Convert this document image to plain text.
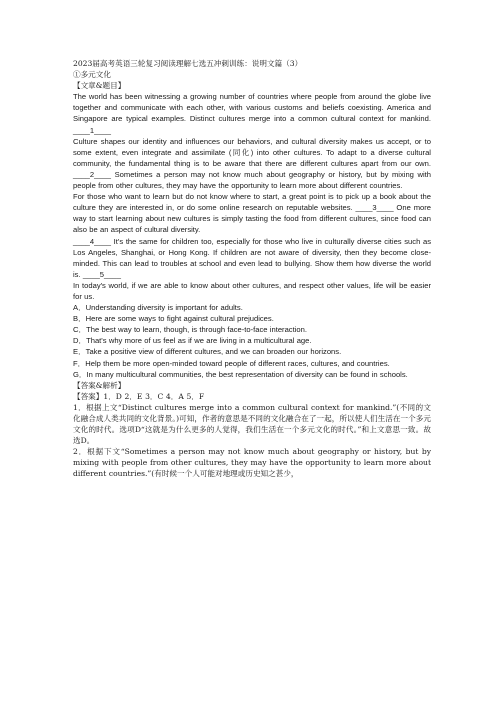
2023届高考英语三轮复习阅读理解七选五冲刺训练：说明文篇（3）

①多元文化

【文章&题目】

The world has been witnessing a growing number of countries where people from around the globe live together and communicate with each other, with various customs and beliefs coexisting. America and Singapore are typical examples. Distinct cultures merge into a common cultural context for mankind. ____1____

Culture shapes our identity and influences our behaviors, and cultural diversity makes us accept, or to some extent, even integrate and assimilate (同化) into other cultures. To adapt to a diverse cultural community, the fundamental thing is to be aware that there are different cultures apart from our own. ____2____ Sometimes a person may not know much about geography or history, but by mixing with people from other cultures, they may have the opportunity to learn more about different countries.

For those who want to learn but do not know where to start, a great point is to pick up a book about the culture they are interested in, or do some online research on reputable websites. ____3____ One more way to start learning about new cultures is simply tasting the food from different cultures, since food can also be an aspect of cultural diversity.

____4____ It's the same for children too, especially for those who live in culturally diverse cities such as Los Angeles, Shanghai, or Hong Kong. If children are not aware of diversity, then they become close-minded. This can lead to troubles at school and even lead to bullying. Show them how diverse the world is. ____5____

In today's world, if we are able to know about other cultures, and respect other values, life will be easier for us.

A．Understanding diversity is important for adults.

B．Here are some ways to fight against cultural prejudices.

C．The best way to learn, though, is through face-to-face interaction.

D．That's why more of us feel as if we are living in a multicultural age.

E．Take a positive view of different cultures, and we can broaden our horizons.

F．Help them be more open-minded toward people of different races, cultures, and countries.

G．In many multicultural communities, the best representation of diversity can be found in schools.

【答案&解析】

【答案】1．D 2．E 3．C 4．A 5．F

1．根据上文“Distinct cultures merge into a common cultural context for mankind.”(不同的文化融合成人类共同的文化背景。)可知，作者的意思是不同的文化融合在了一起，所以使人们生活在一个多元文化的时代。选项D“这就是为什么更多的人觉得，我们生活在一个多元文化的时代。”和上文意思一致。故选D。

2．根据下文“Sometimes a person may not know much about geography or history, but by mixing with people from other cultures, they may have the opportunity to learn more about different countries.”(有时候一个人可能对地理或历史知之甚少，
